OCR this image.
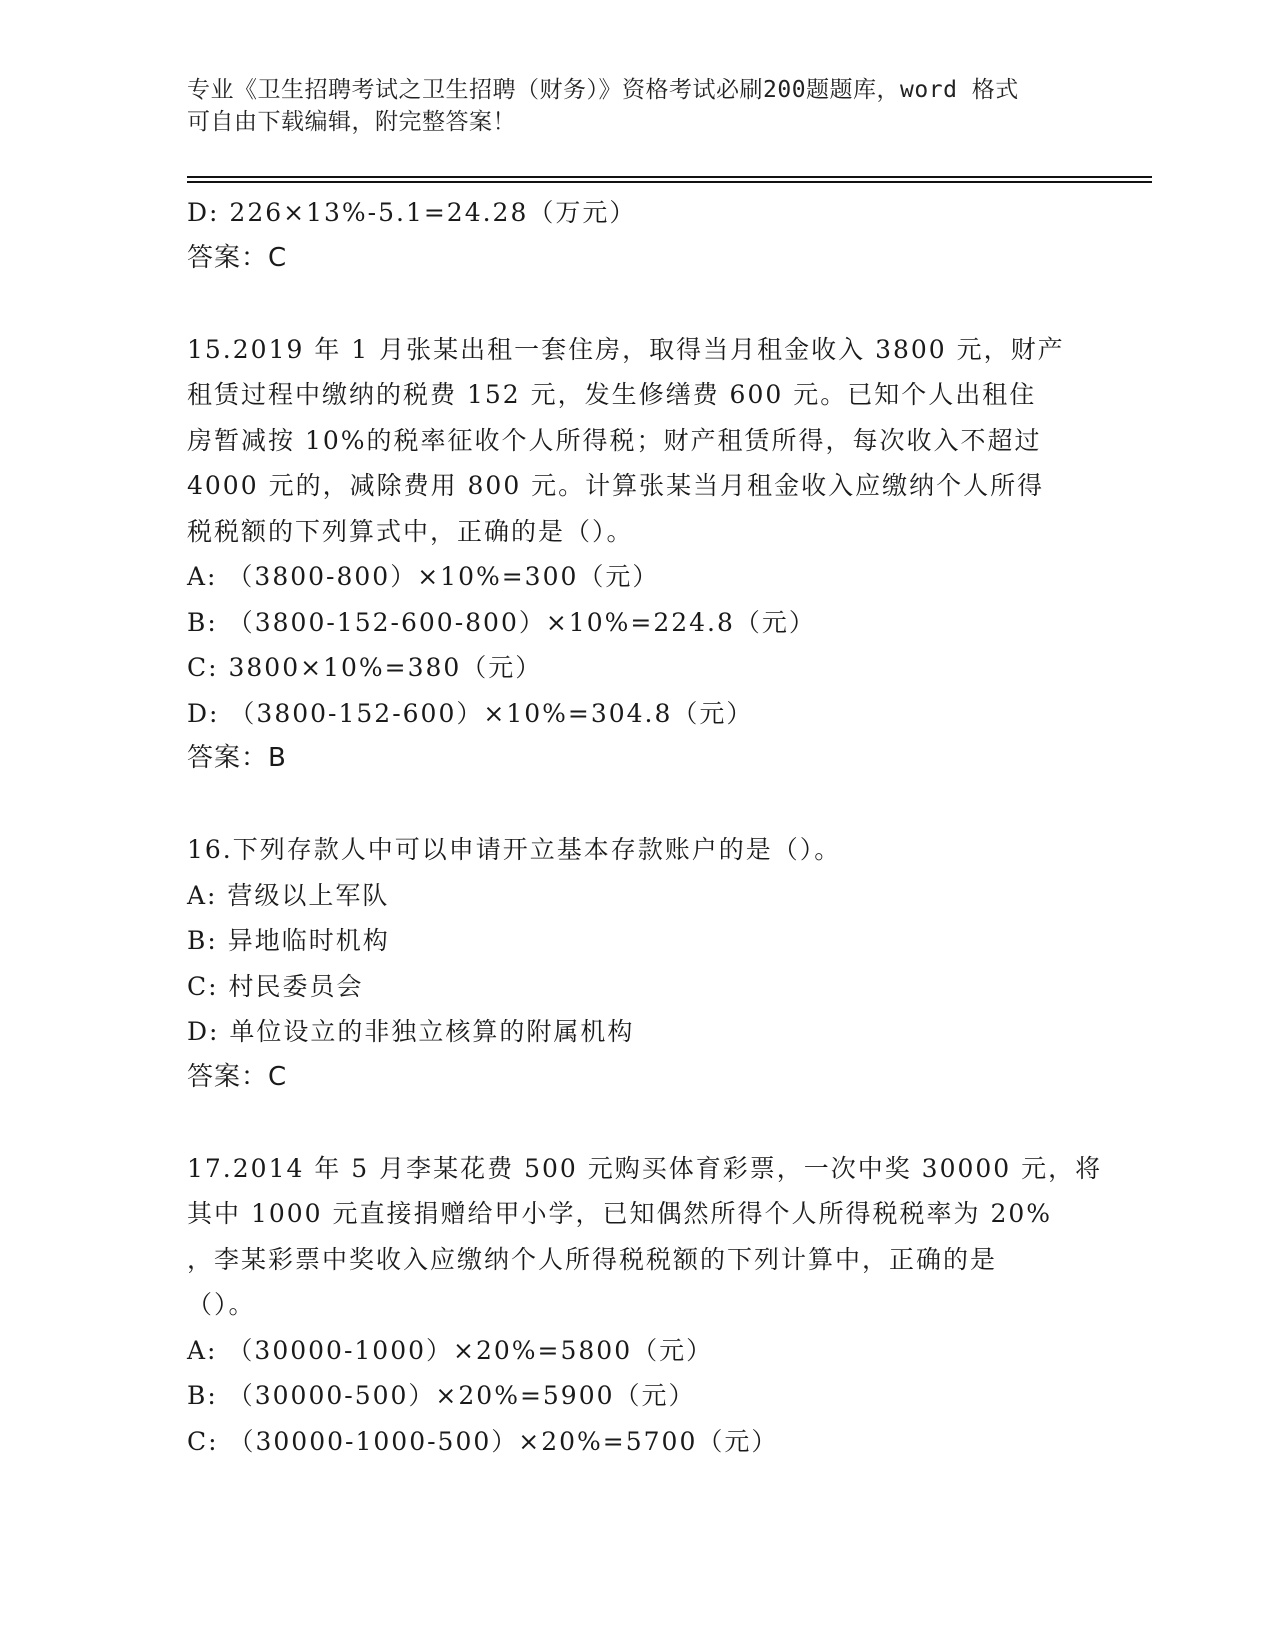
专业《卫生招聘考试之卫生招聘（财务）》资格考试必刷200题题库，word 格式
可自由下载编辑，附完整答案！
D: 226×13%-5.1=24.28（万元）
答案：C
15.2019 年 1 月张某出租一套住房，取得当月租金收入 3800 元，财产
租赁过程中缴纳的税费 152 元，发生修缮费 600 元。已知个人出租住
房暂减按 10%的税率征收个人所得税；财产租赁所得，每次收入不超过
4000 元的，减除费用 800 元。计算张某当月租金收入应缴纳个人所得
税税额的下列算式中，正确的是（）。
A: （3800-800）×10%=300（元）
B: （3800-152-600-800）×10%=224.8（元）
C: 3800×10%=380（元）
D: （3800-152-600）×10%=304.8（元）
答案：B
16.下列存款人中可以申请开立基本存款账户的是（）。
A: 营级以上军队
B: 异地临时机构
C: 村民委员会
D: 单位设立的非独立核算的附属机构
答案：C
17.2014 年 5 月李某花费 500 元购买体育彩票，一次中奖 30000 元，将
其中 1000 元直接捐赠给甲小学，已知偶然所得个人所得税税率为 20%
，李某彩票中奖收入应缴纳个人所得税税额的下列计算中，正确的是
（）。
A: （30000-1000）×20%=5800（元）
B: （30000-500）×20%=5900（元）
C: （30000-1000-500）×20%=5700（元）
